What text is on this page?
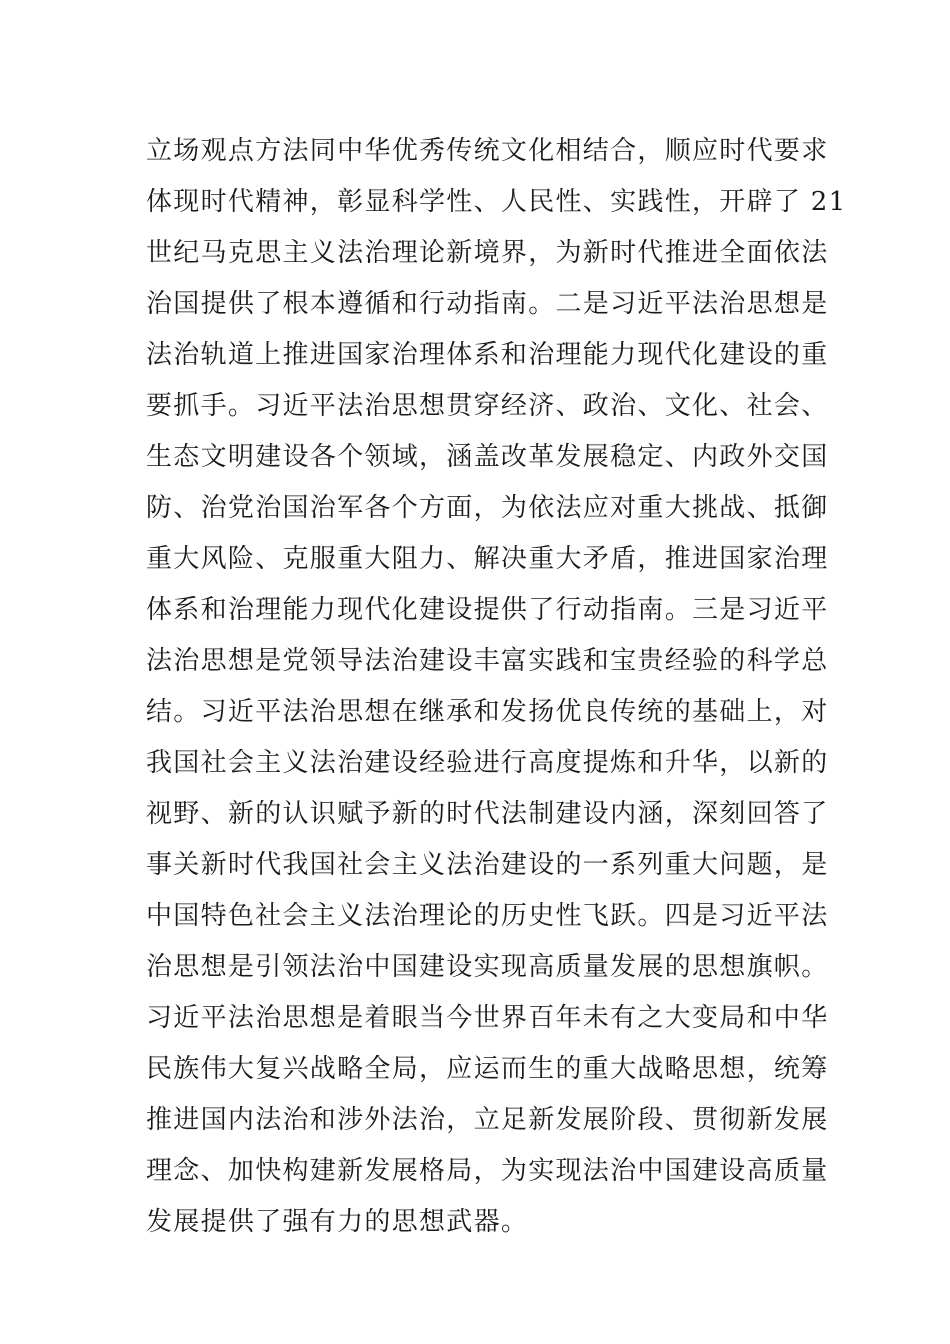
立场观点方法同中华优秀传统文化相结合，顺应时代要求
体现时代精神，彰显科学性、人民性、实践性，开辟了 21
世纪马克思主义法治理论新境界，为新时代推进全面依法
治国提供了根本遵循和行动指南。二是习近平法治思想是
法治轨道上推进国家治理体系和治理能力现代化建设的重
要抓手。习近平法治思想贯穿经济、政治、文化、社会、
生态文明建设各个领域，涵盖改革发展稳定、内政外交国
防、治党治国治军各个方面，为依法应对重大挑战、抵御
重大风险、克服重大阻力、解决重大矛盾，推进国家治理
体系和治理能力现代化建设提供了行动指南。三是习近平
法治思想是党领导法治建设丰富实践和宝贵经验的科学总
结。习近平法治思想在继承和发扬优良传统的基础上，对
我国社会主义法治建设经验进行高度提炼和升华，以新的
视野、新的认识赋予新的时代法制建设内涵，深刻回答了
事关新时代我国社会主义法治建设的一系列重大问题，是
中国特色社会主义法治理论的历史性飞跃。四是习近平法
治思想是引领法治中国建设实现高质量发展的思想旗帜。
习近平法治思想是着眼当今世界百年未有之大变局和中华
民族伟大复兴战略全局，应运而生的重大战略思想，统筹
推进国内法治和涉外法治，立足新发展阶段、贯彻新发展
理念、加快构建新发展格局，为实现法治中国建设高质量
发展提供了强有力的思想武器。
